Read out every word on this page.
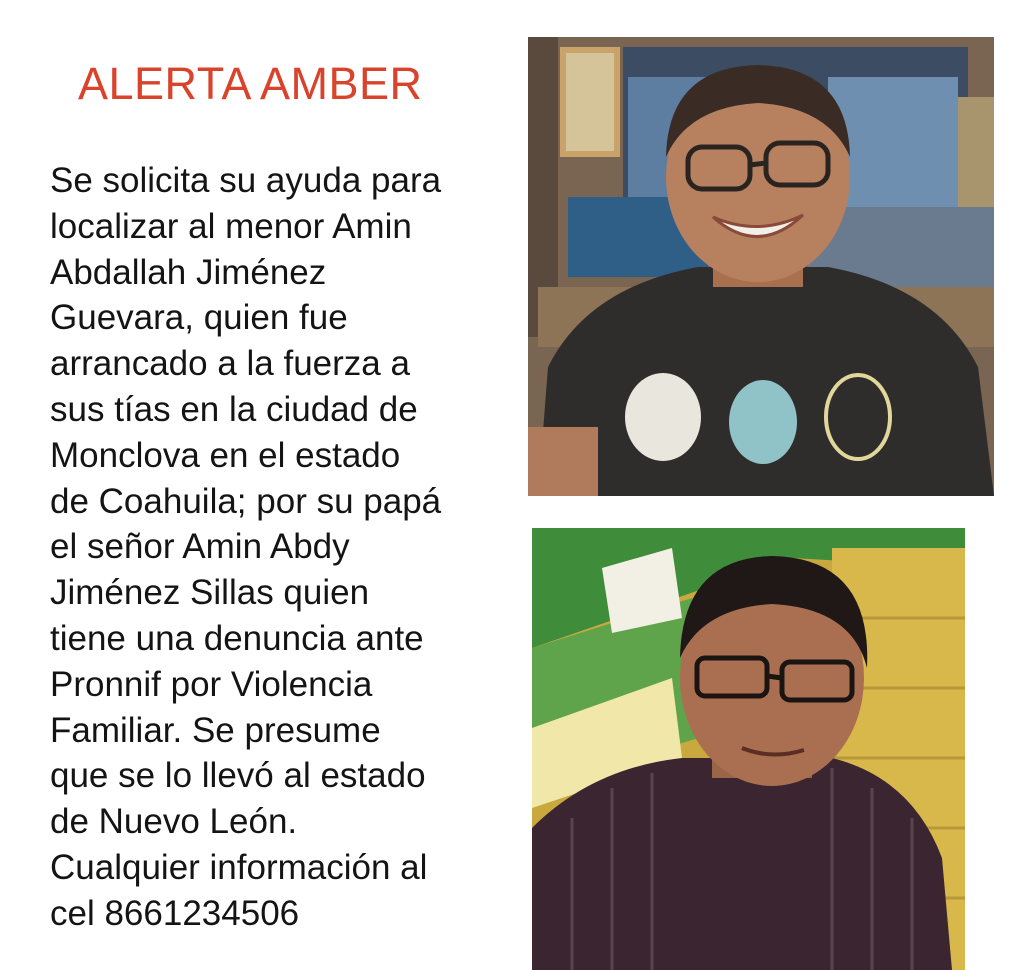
ALERTA AMBER
Se solicita su ayuda para
localizar al menor Amin
Abdallah Jiménez
Guevara, quien fue
arrancado a la fuerza a
sus tías en la ciudad de
Monclova en el estado
de Coahuila; por su papá
el señor Amin Abdy
Jiménez Sillas quien
tiene una denuncia ante
Pronnif por Violencia
Familiar. Se presume
que se lo llevó al estado
de Nuevo León.
Cualquier información al
cel 8661234506
